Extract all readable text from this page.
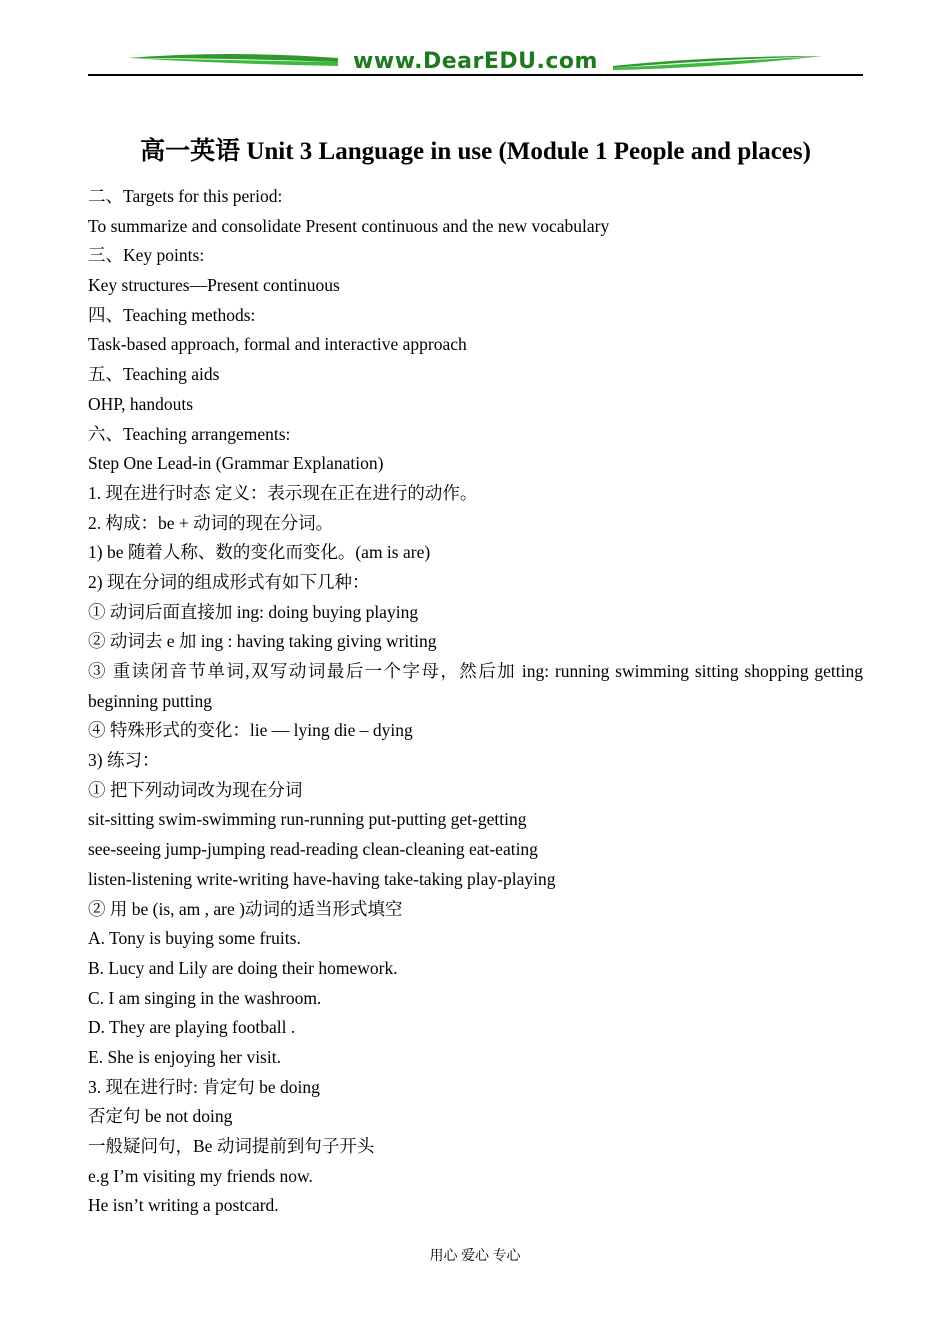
www.DearEDU.com
高一英语 Unit 3 Language in use (Module 1 People and places)
二、Targets for this period:
To summarize and consolidate Present continuous and the new vocabulary
三、Key points:
Key structures—Present continuous
四、Teaching methods:
Task-based approach, formal and interactive approach
五、Teaching aids
OHP, handouts
六、Teaching arrangements:
Step One Lead-in (Grammar Explanation)
1. 现在进行时态 定义：表示现在正在进行的动作。
2. 构成：be + 动词的现在分词。
1) be 随着人称、数的变化而变化。(am is are)
2) 现在分词的组成形式有如下几种：
① 动词后面直接加 ing: doing buying playing
② 动词去 e 加 ing : having taking giving writing
③ 重读闭音节单词,双写动词最后一个字母，然后加 ing: running swimming sitting shopping getting beginning putting
④ 特殊形式的变化：lie — lying die – dying
3) 练习：
① 把下列动词改为现在分词
sit-sitting swim-swimming run-running put-putting get-getting
see-seeing jump-jumping read-reading clean-cleaning eat-eating
listen-listening write-writing have-having take-taking play-playing
② 用 be (is, am , are )动词的适当形式填空
A. Tony is buying some fruits.
B. Lucy and Lily are doing their homework.
C. I am singing in the washroom.
D. They are playing football .
E. She is enjoying her visit.
3. 现在进行时: 肯定句 be doing
否定句 be not doing
一般疑问句，Be 动词提前到句子开头
e.g I’m visiting my friends now.
He isn’t writing a postcard.
用心 爱心 专心
